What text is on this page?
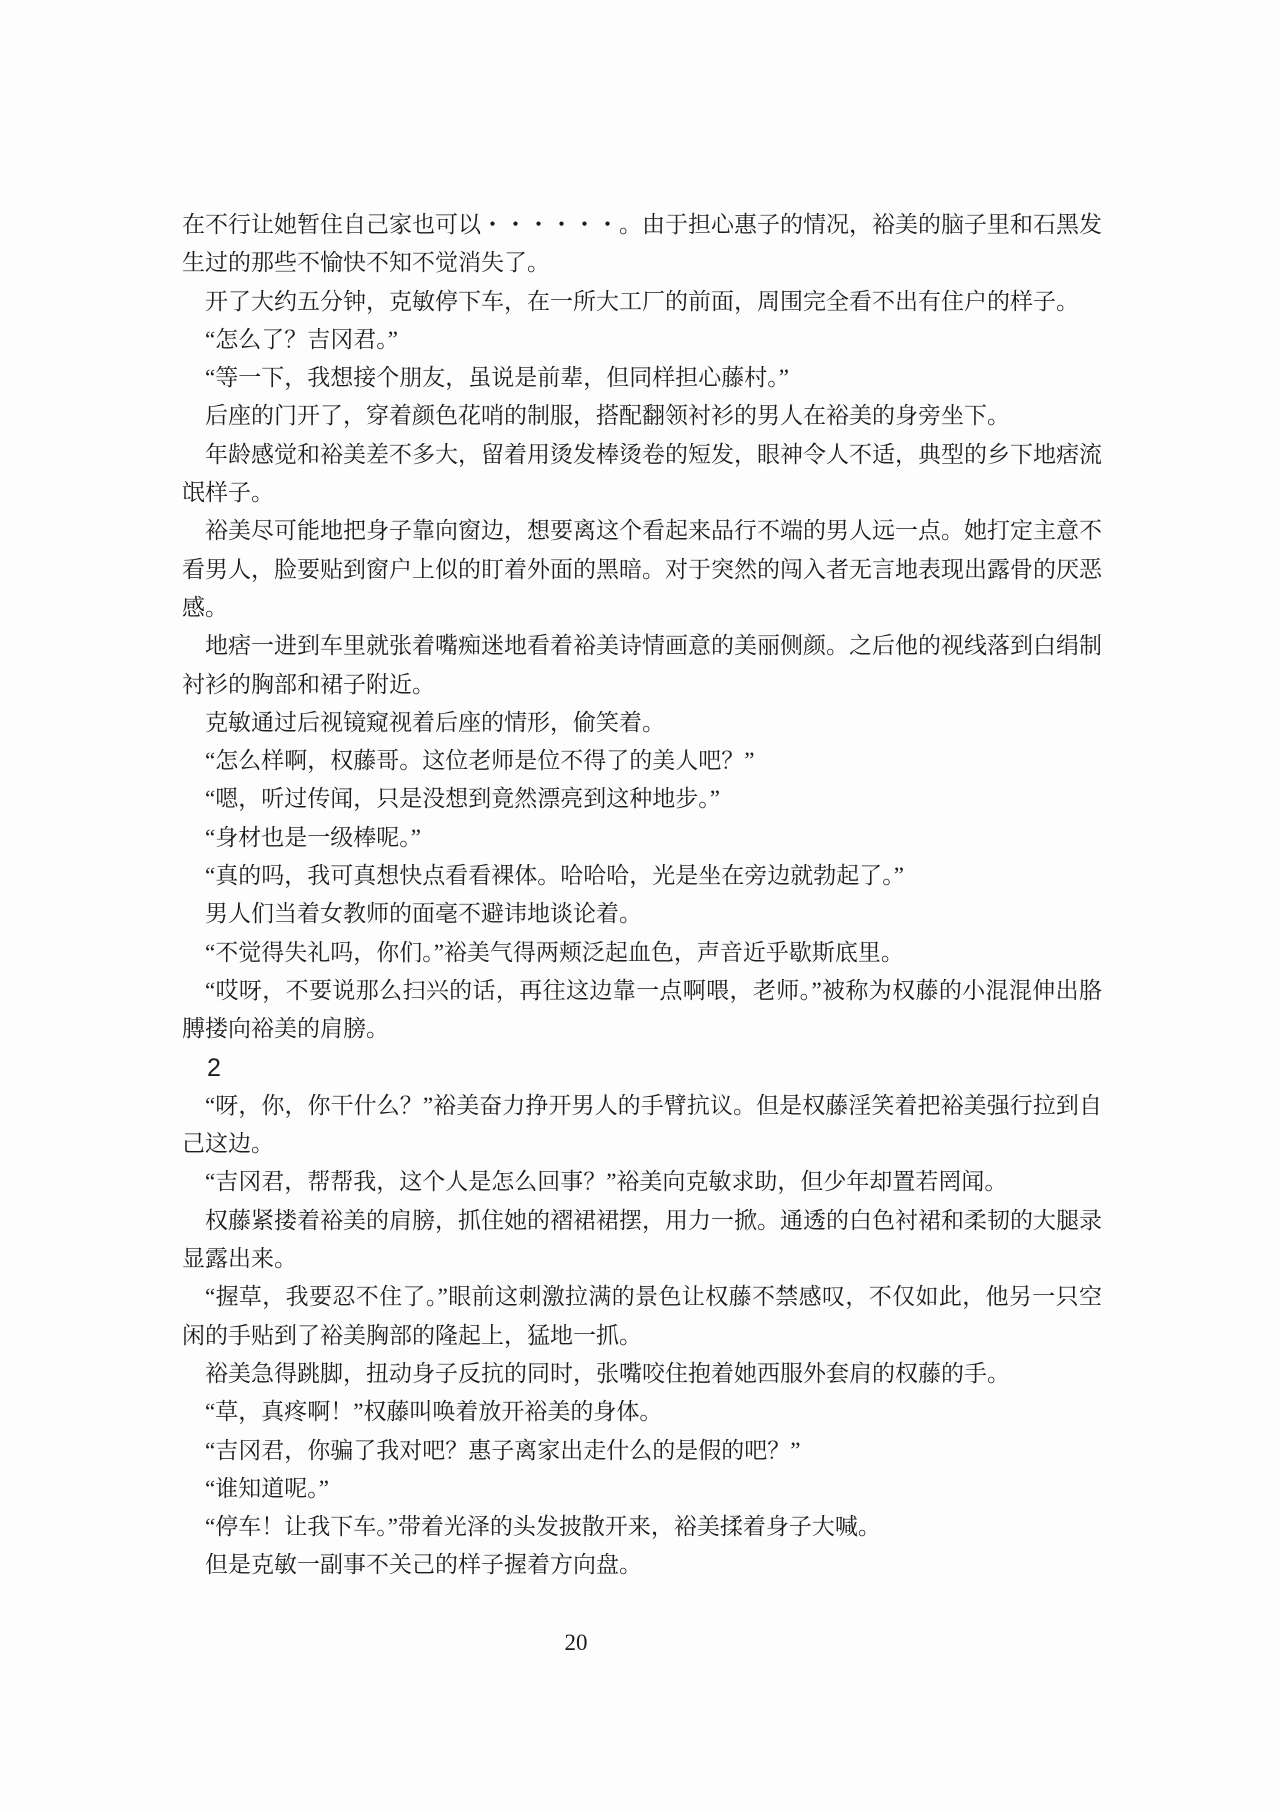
在不行让她暂住自己家也可以・・・・・・。由于担心惠子的情况，裕美的脑子里和石黑发生过的那些不愉快不知不觉消失了。

开了大约五分钟，克敏停下车，在一所大工厂的前面，周围完全看不出有住户的样子。

“怎么了？吉冈君。”

“等一下，我想接个朋友，虽说是前辈，但同样担心藤村。”

后座的门开了，穿着颜色花哨的制服，搭配翻领衬衫的男人在裕美的身旁坐下。

年龄感觉和裕美差不多大，留着用烫发棒烫卷的短发，眼神令人不适，典型的乡下地痞流氓样子。

裕美尽可能地把身子靠向窗边，想要离这个看起来品行不端的男人远一点。她打定主意不看男人，脸要贴到窗户上似的盯着外面的黑暗。对于突然的闯入者无言地表现出露骨的厌恶感。

地痞一进到车里就张着嘴痴迷地看着裕美诗情画意的美丽侧颜。之后他的视线落到白绢制衬衫的胸部和裙子附近。

克敏通过后视镜窥视着后座的情形，偷笑着。

“怎么样啊，权藤哥。这位老师是位不得了的美人吧？”

“嗯，听过传闻，只是没想到竟然漂亮到这种地步。”

“身材也是一级棒呢。”

“真的吗，我可真想快点看看裸体。哈哈哈，光是坐在旁边就勃起了。”

男人们当着女教师的面毫不避讳地谈论着。

“不觉得失礼吗，你们。”裕美气得两颊泛起血色，声音近乎歇斯底里。

“哎呀，不要说那么扫兴的话，再往这边靠一点啊喂，老师。”被称为权藤的小混混伸出胳膊搂向裕美的肩膀。

2

“呀，你，你干什么？”裕美奋力挣开男人的手臂抗议。但是权藤淫笑着把裕美强行拉到自己这边。

“吉冈君，帮帮我，这个人是怎么回事？”裕美向克敏求助，但少年却置若罔闻。

权藤紧搂着裕美的肩膀，抓住她的褶裙裙摆，用力一掀。通透的白色衬裙和柔韧的大腿录显露出来。

“握草，我要忍不住了。”眼前这刺激拉满的景色让权藤不禁感叹，不仅如此，他另一只空闲的手贴到了裕美胸部的隆起上，猛地一抓。

裕美急得跳脚，扭动身子反抗的同时，张嘴咬住抱着她西服外套肩的权藤的手。

“草，真疼啊！”权藤叫唤着放开裕美的身体。

“吉冈君，你骗了我对吧？惠子离家出走什么的是假的吧？”

“谁知道呢。”

“停车！让我下车。”带着光泽的头发披散开来，裕美揉着身子大喊。

但是克敏一副事不关己的样子握着方向盘。

20
